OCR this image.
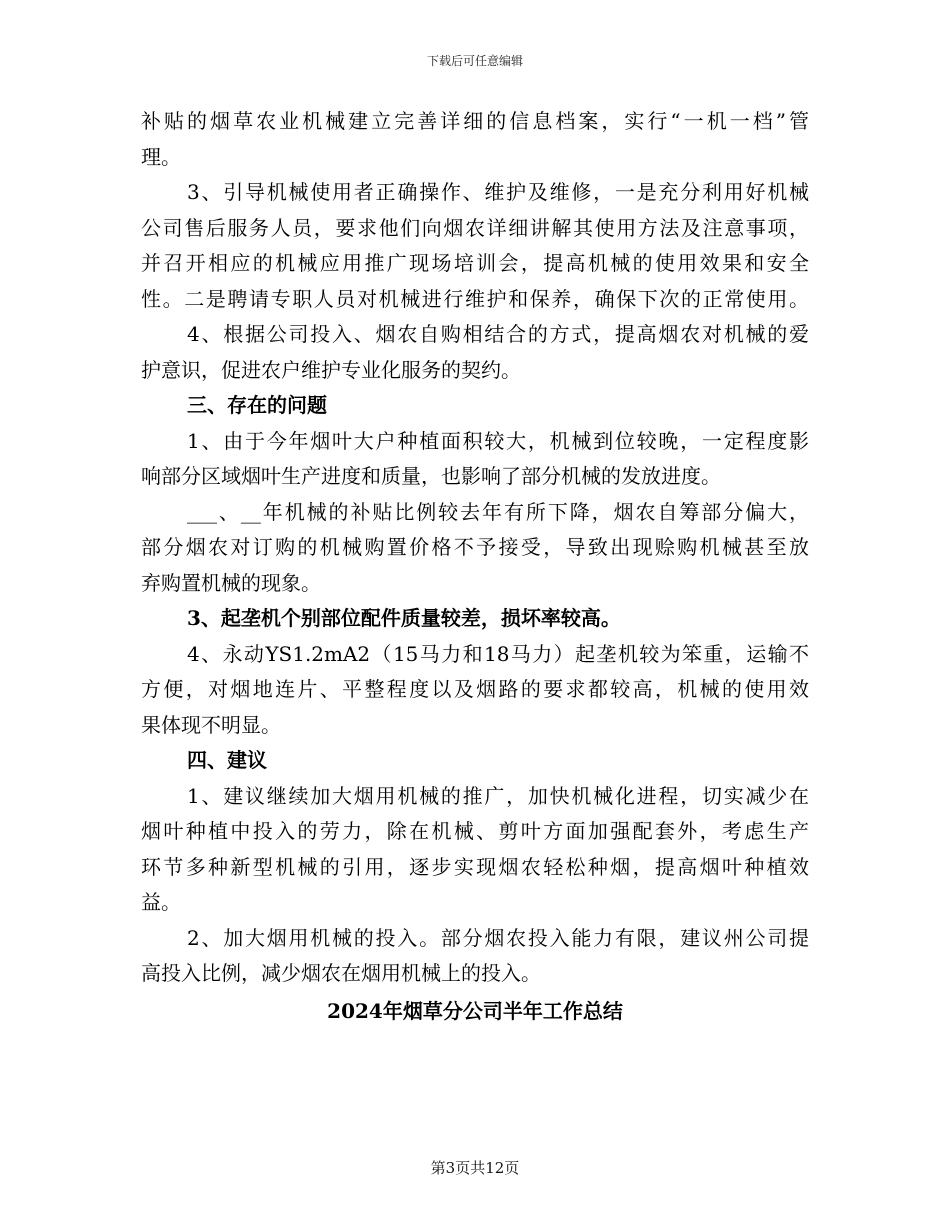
下载后可任意编辑
补贴的烟草农业机械建立完善详细的信息档案，实行“一机一档”管
理。
3、引导机械使用者正确操作、维护及维修，一是充分利用好机械
公司售后服务人员，要求他们向烟农详细讲解其使用方法及注意事项，
并召开相应的机械应用推广现场培训会，提高机械的使用效果和安全
性。二是聘请专职人员对机械进行维护和保养，确保下次的正常使用。
4、根据公司投入、烟农自购相结合的方式，提高烟农对机械的爱
护意识，促进农户维护专业化服务的契约。
三、存在的问题
1、由于今年烟叶大户种植面积较大，机械到位较晚，一定程度影
响部分区域烟叶生产进度和质量，也影响了部分机械的发放进度。
___、__年机械的补贴比例较去年有所下降，烟农自筹部分偏大，
部分烟农对订购的机械购置价格不予接受，导致出现赊购机械甚至放
弃购置机械的现象。
3、起垄机个别部位配件质量较差，损坏率较高。
4、永动YS1.2mA2（15马力和18马力）起垄机较为笨重，运输不
方便，对烟地连片、平整程度以及烟路的要求都较高，机械的使用效
果体现不明显。
四、建议
1、建议继续加大烟用机械的推广，加快机械化进程，切实减少在
烟叶种植中投入的劳力，除在机械、剪叶方面加强配套外，考虑生产
环节多种新型机械的引用，逐步实现烟农轻松种烟，提高烟叶种植效
益。
2、加大烟用机械的投入。部分烟农投入能力有限，建议州公司提
高投入比例，减少烟农在烟用机械上的投入。
2024年烟草分公司半年工作总结
第3页共12页
